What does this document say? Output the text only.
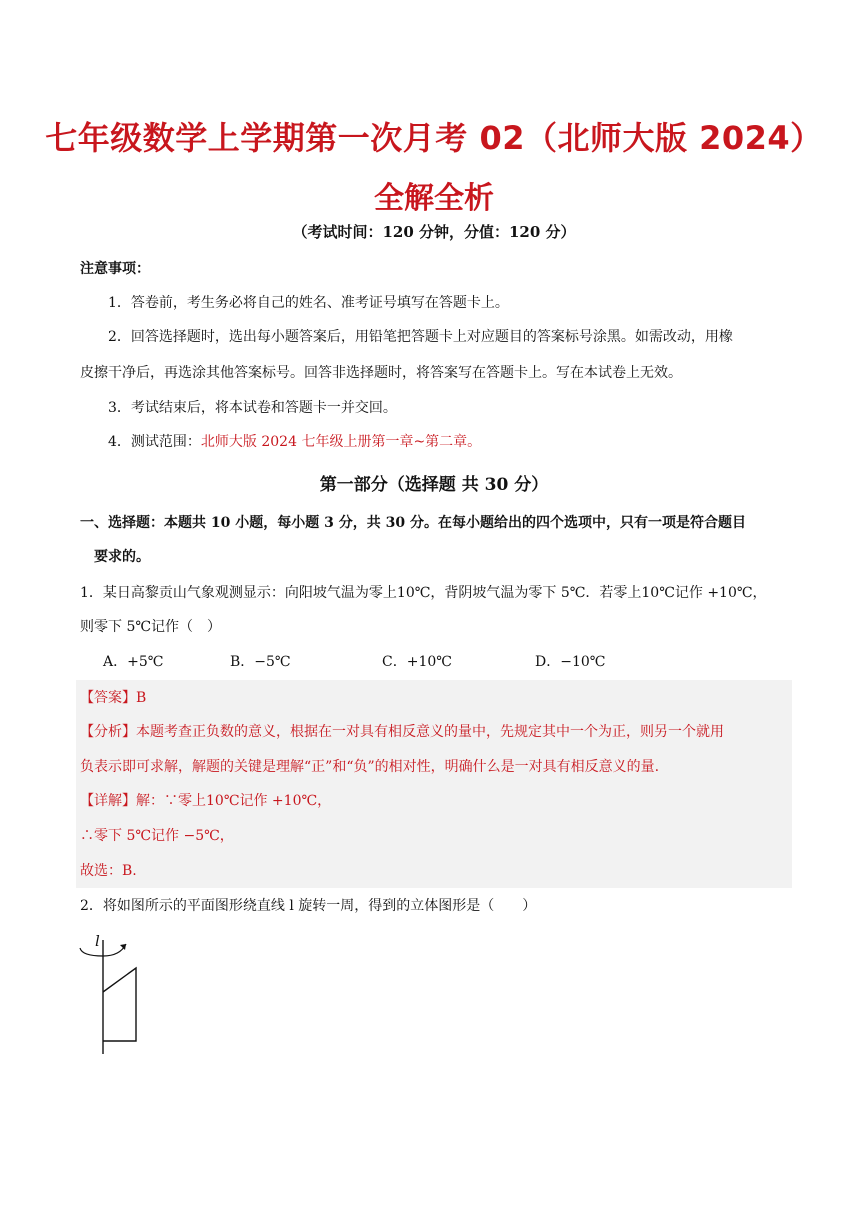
七年级数学上学期第一次月考 02（北师大版 2024）
全解全析
（考试时间：120 分钟，分值：120 分）
注意事项：
1．答卷前，考生务必将自己的姓名、准考证号填写在答题卡上。
2．回答选择题时，选出每小题答案后，用铅笔把答题卡上对应题目的答案标号涂黑。如需改动，用橡
皮擦干净后，再选涂其他答案标号。回答非选择题时，将答案写在答题卡上。写在本试卷上无效。
3．考试结束后，将本试卷和答题卡一并交回。
4．测试范围：北师大版 2024 七年级上册第一章~第二章。
第一部分（选择题 共 30 分）
一、选择题：本题共 10 小题，每小题 3 分，共 30 分。在每小题给出的四个选项中，只有一项是符合题目
要求的。
1．某日高黎贡山气象观测显示：向阳坡气温为零上10℃，背阴坡气温为零下 5℃．若零上10℃记作 +10℃，
则零下 5℃记作（　）
A．+5℃	B．−5℃	C．+10℃	D．−10℃
【答案】B
【分析】本题考查正负数的意义，根据在一对具有相反意义的量中，先规定其中一个为正，则另一个就用
负表示即可求解，解题的关键是理解“正”和“负”的相对性，明确什么是一对具有相反意义的量.
【详解】解：∵零上10℃记作 +10℃，
∴零下 5℃记作 −5℃，
故选：B.
2．将如图所示的平面图形绕直线 l 旋转一周，得到的立体图形是（　　）
l
